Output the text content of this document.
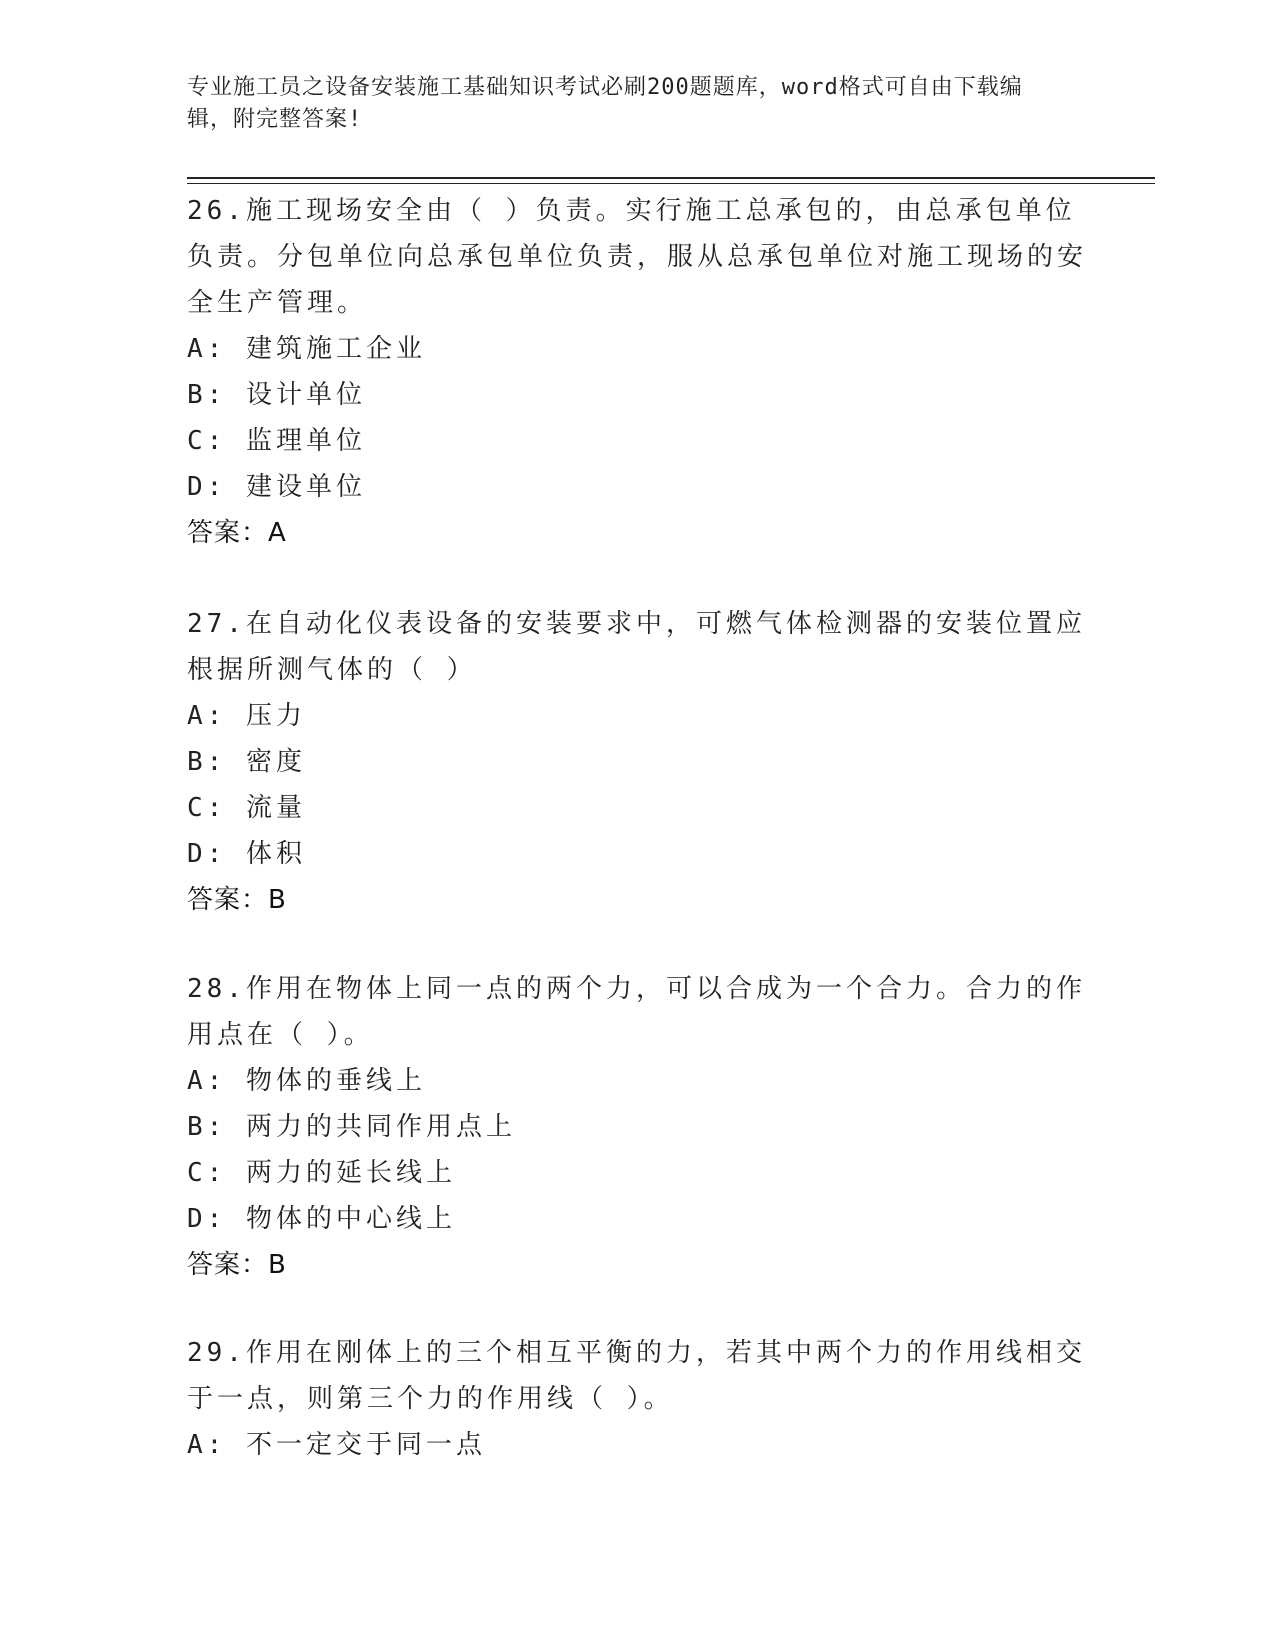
专业施工员之设备安装施工基础知识考试必刷200题题库，word格式可自由下载编辑，附完整答案!

26.施工现场安全由（ ）负责。实行施工总承包的，由总承包单位负责。分包单位向总承包单位负责，服从总承包单位对施工现场的安全生产管理。

A: 建筑施工企业

B: 设计单位

C: 监理单位

D: 建设单位

答案：A

27.在自动化仪表设备的安装要求中，可燃气体检测器的安装位置应根据所测气体的（ ）

A: 压力

B: 密度

C: 流量

D: 体积

答案：B

28.作用在物体上同一点的两个力，可以合成为一个合力。合力的作用点在（ ）。

A: 物体的垂线上

B: 两力的共同作用点上

C: 两力的延长线上

D: 物体的中心线上

答案：B

29.作用在刚体上的三个相互平衡的力，若其中两个力的作用线相交于一点，则第三个力的作用线（ ）。

A: 不一定交于同一点
